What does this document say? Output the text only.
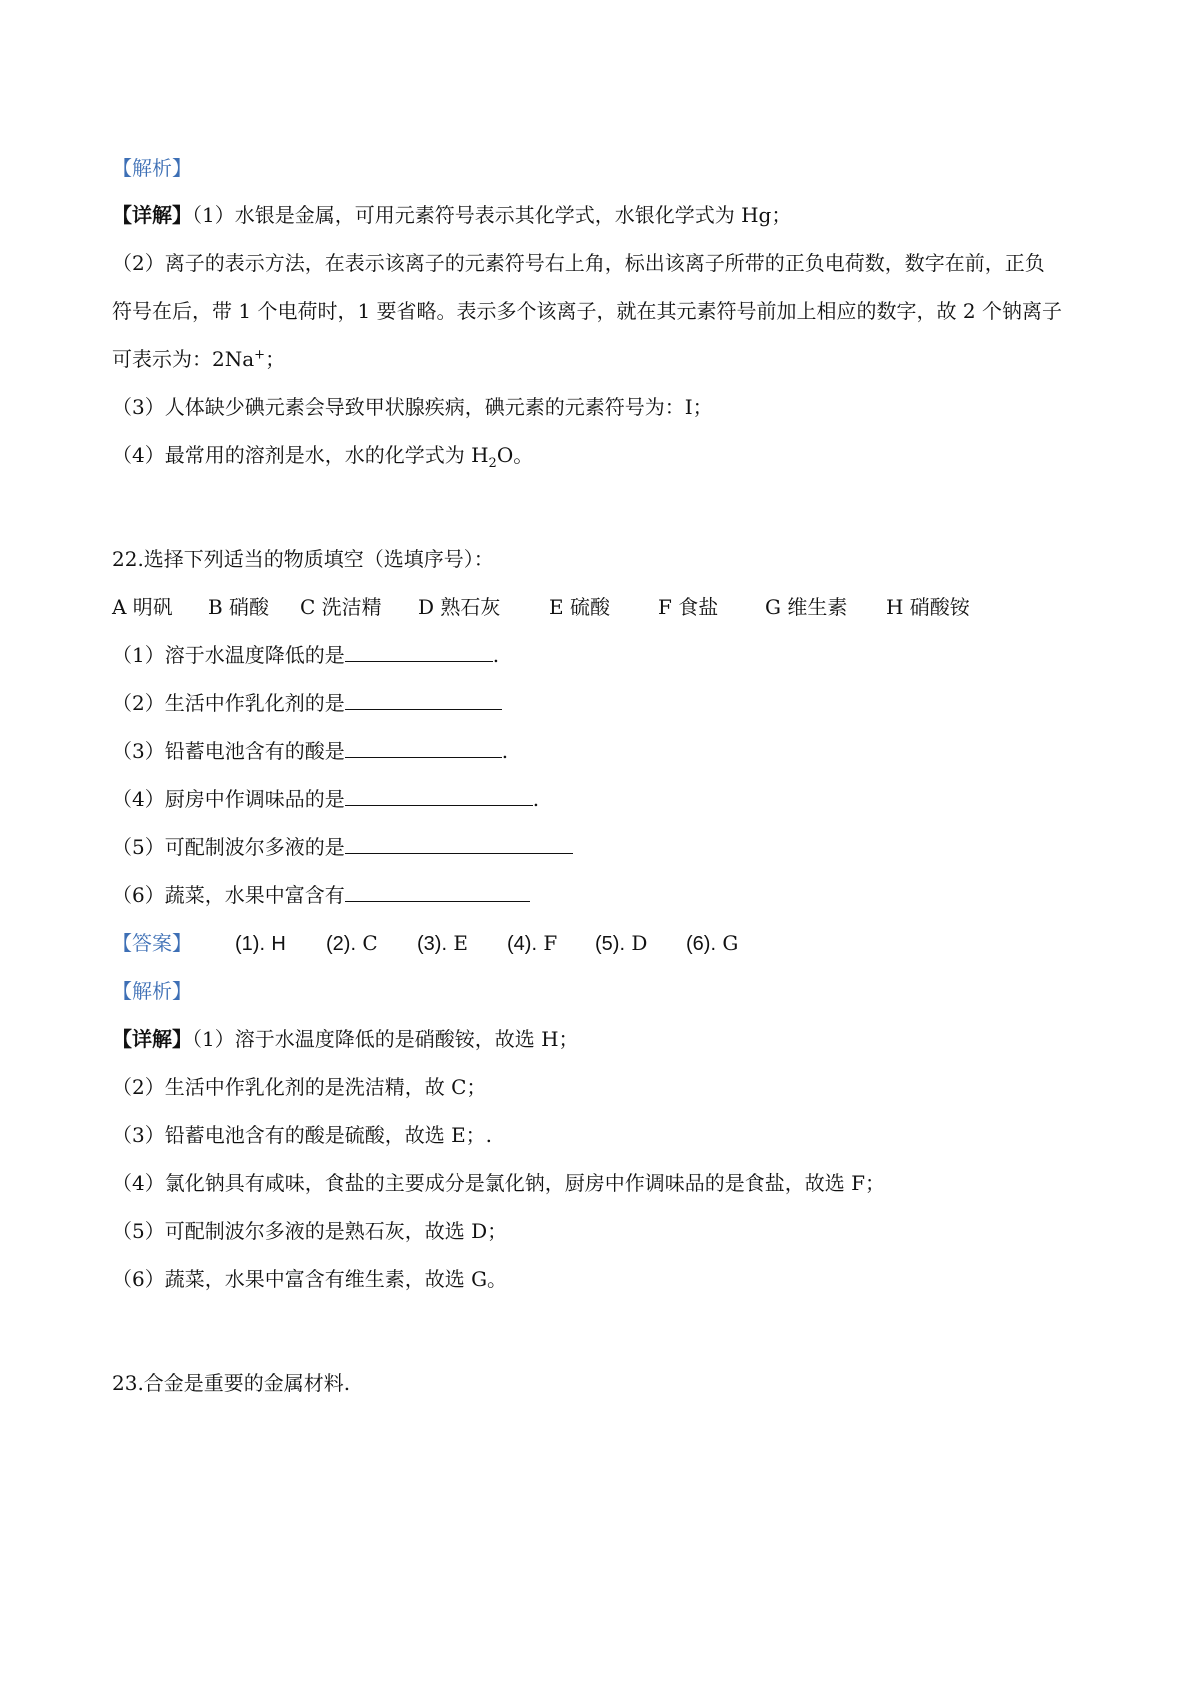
【解析】
【详解】（1）水银是金属，可用元素符号表示其化学式，水银化学式为 Hg；
（2）离子的表示方法，在表示该离子的元素符号右上角，标出该离子所带的正负电荷数，数字在前，正负
符号在后，带 1 个电荷时，1 要省略。表示多个该离子，就在其元素符号前加上相应的数字，故 2 个钠离子
可表示为：2Na+；
（3）人体缺少碘元素会导致甲状腺疾病，碘元素的元素符号为：I；
（4）最常用的溶剂是水，水的化学式为 $H_2O$。
22.选择下列适当的物质填空（选填序号）：
A 明矾 B 硝酸 C 洗洁精 D 熟石灰 E 硫酸 F 食盐 G 维生素 H 硝酸铵
（1）溶于水温度降低的是	.
（2）生活中作乳化剂的是
（3）铅蓄电池含有的酸是	.
（4）厨房中作调味品的是	.
（5）可配制波尔多液的是
（6）蔬菜，水果中富含有
【答案】 (1). H (2). C (3). E (4). F (5). D (6). G
【解析】
【详解】（1）溶于水温度降低的是硝酸铵，故选 H；
（2）生活中作乳化剂的是洗洁精，故 C；
（3）铅蓄电池含有的酸是硫酸，故选 E；.
（4）氯化钠具有咸味，食盐的主要成分是氯化钠，厨房中作调味品的是食盐，故选 F；
（5）可配制波尔多液的是熟石灰，故选 D；
（6）蔬菜，水果中富含有维生素，故选 G。
23.合金是重要的金属材料.
